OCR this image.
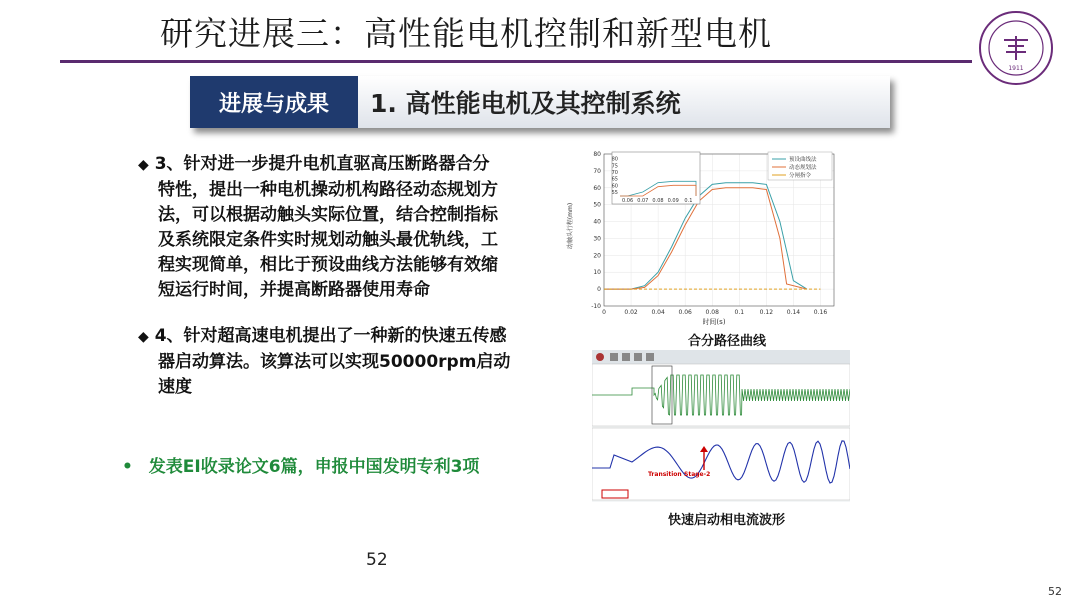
研究进展三：高性能电机控制和新型电机
1911
进展与成果	1. 高性能电机及其控制系统
◆ 3、针对进一步提升电机直驱高压断路器合分
特性，提出一种电机操动机构路径动态规划方
法，可以根据动触头实际位置，结合控制指标
及系统限定条件实时规划动触头最优轨线，工
程实现简单，相比于预设曲线方法能够有效缩
短运行时间，并提高断路器使用寿命
◆ 4、针对超高速电机提出了一种新的快速五传感
器启动算法。该算法可以实现50000rpm启动
速度
• 发表EI收录论文6篇，申报中国发明专利3项
-10
0
10
20
30
40
50
60
70
80
0	0.02 0.04 0.06 0.08	0.1	0.12 0.14 0.16
时间(s)
动触头行程(mm)
55
60
65
70
75
80
0.06 0.07 0.08 0.09 0.1
预设曲线法
动态规划法
分闸指令
合分路径曲线
Transition Stage-2
快速启动相电流波形
52
52
